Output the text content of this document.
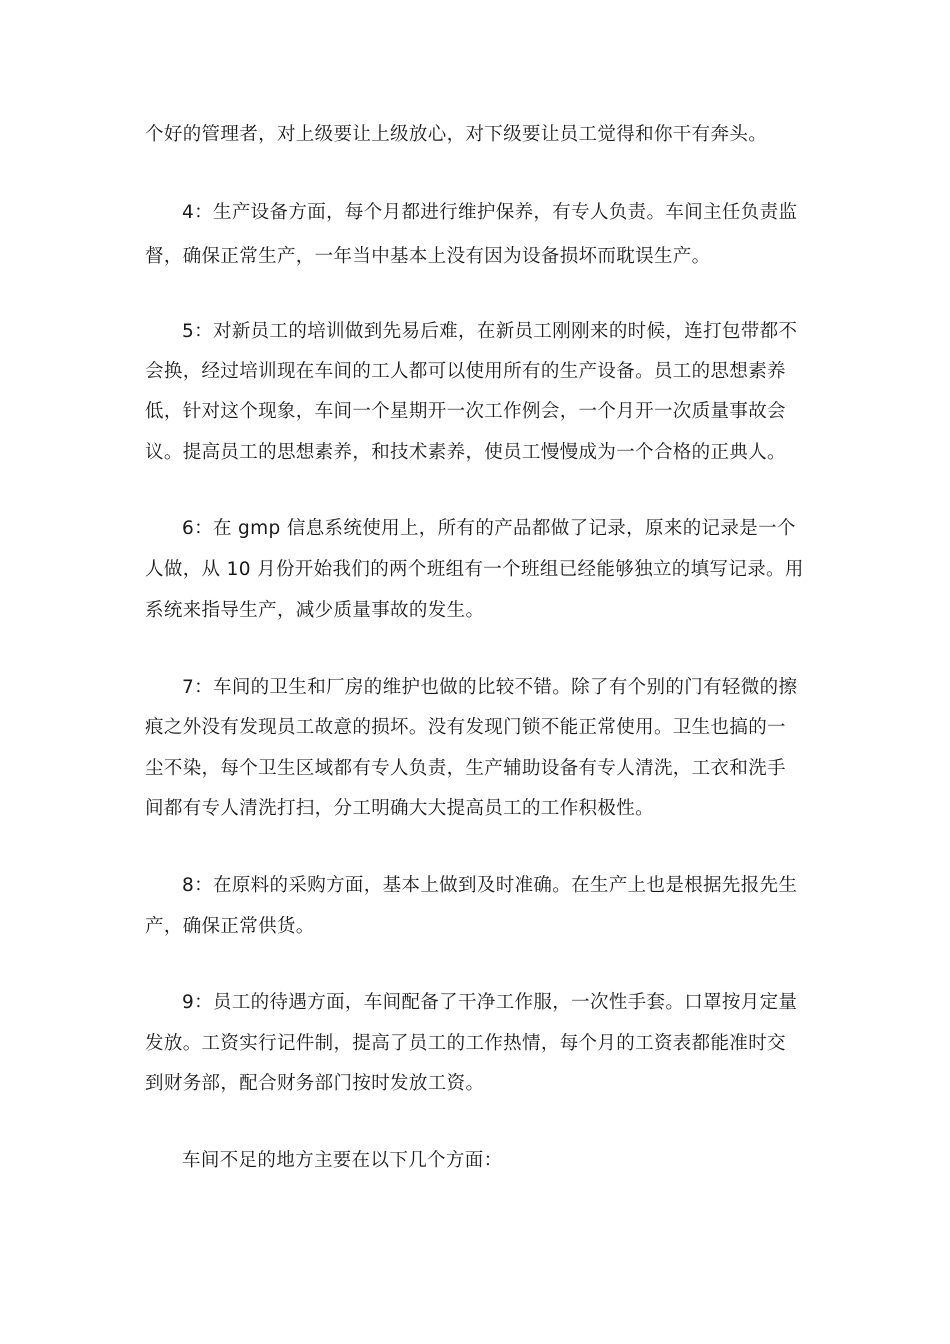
个好的管理者，对上级要让上级放心，对下级要让员工觉得和你干有奔头。
4：生产设备方面，每个月都进行维护保养，有专人负责。车间主任负责监
督，确保正常生产，一年当中基本上没有因为设备损坏而耽误生产。
5：对新员工的培训做到先易后难，在新员工刚刚来的时候，连打包带都不
会换，经过培训现在车间的工人都可以使用所有的生产设备。员工的思想素养
低，针对这个现象，车间一个星期开一次工作例会，一个月开一次质量事故会
议。提高员工的思想素养，和技术素养，使员工慢慢成为一个合格的正典人。
6：在 gmp 信息系统使用上，所有的产品都做了记录，原来的记录是一个
人做，从 10 月份开始我们的两个班组有一个班组已经能够独立的填写记录。用
系统来指导生产，减少质量事故的发生。
7：车间的卫生和厂房的维护也做的比较不错。除了有个别的门有轻微的擦
痕之外没有发现员工故意的损坏。没有发现门锁不能正常使用。卫生也搞的一
尘不染，每个卫生区域都有专人负责，生产辅助设备有专人清洗，工衣和洗手
间都有专人清洗打扫，分工明确大大提高员工的工作积极性。
8：在原料的采购方面，基本上做到及时准确。在生产上也是根据先报先生
产，确保正常供货。
9：员工的待遇方面，车间配备了干净工作服，一次性手套。口罩按月定量
发放。工资实行记件制，提高了员工的工作热情，每个月的工资表都能准时交
到财务部，配合财务部门按时发放工资。
车间不足的地方主要在以下几个方面：
